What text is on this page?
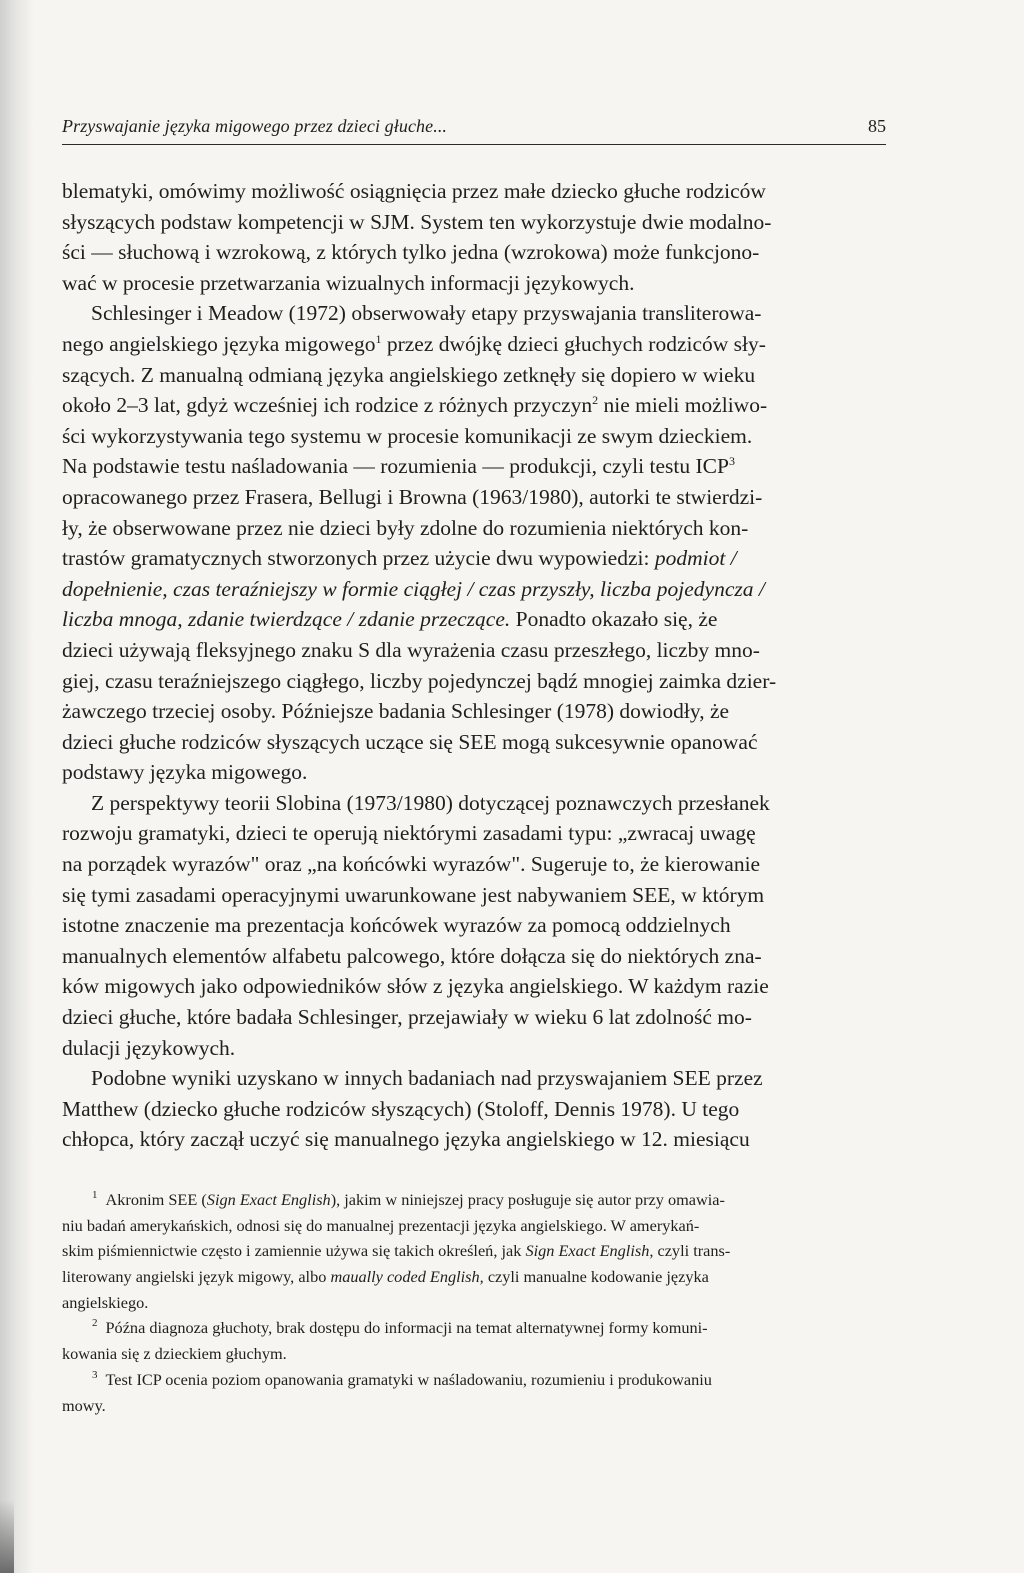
Przyswajanie języka migowego przez dzieci głuche...	85
blematyki, omówimy możliwość osiągnięcia przez małe dziecko głuche rodziców
słyszących podstaw kompetencji w SJM. System ten wykorzystuje dwie modalno-
ści — słuchową i wzrokową, z których tylko jedna (wzrokowa) może funkcjono-
wać w procesie przetwarzania wizualnych informacji językowych.
Schlesinger i Meadow (1972) obserwowały etapy przyswajania transliterowa-
nego angielskiego języka migowego$^1$ przez dwójkę dzieci głuchych rodziców sły-
szących. Z manualną odmianą języka angielskiego zetknęły się dopiero w wieku
około 2–3 lat, gdyż wcześniej ich rodzice z różnych przyczyn$^2$ nie mieli możliwo-
ści wykorzystywania tego systemu w procesie komunikacji ze swym dzieckiem.
Na podstawie testu naśladowania — rozumienia — produkcji, czyli testu ICP$^3$
opracowanego przez Frasera, Bellugi i Browna (1963/1980), autorki te stwierdzi-
ły, że obserwowane przez nie dzieci były zdolne do rozumienia niektórych kon-
trastów gramatycznych stworzonych przez użycie dwu wypowiedzi: podmiot /
dopełnienie, czas teraźniejszy w formie ciągłej / czas przyszły, liczba pojedyncza /
liczba mnoga, zdanie twierdzące / zdanie przeczące. Ponadto okazało się, że
dzieci używają fleksyjnego znaku S dla wyrażenia czasu przeszłego, liczby mno-
giej, czasu teraźniejszego ciągłego, liczby pojedynczej bądź mnogiej zaimka dzier-
żawczego trzeciej osoby. Późniejsze badania Schlesinger (1978) dowiodły, że
dzieci głuche rodziców słyszących uczące się SEE mogą sukcesywnie opanować
podstawy języka migowego.
Z perspektywy teorii Slobina (1973/1980) dotyczącej poznawczych przesłanek
rozwoju gramatyki, dzieci te operują niektórymi zasadami typu: „zwracaj uwagę
na porządek wyrazów" oraz „na końcówki wyrazów". Sugeruje to, że kierowanie
się tymi zasadami operacyjnymi uwarunkowane jest nabywaniem SEE, w którym
istotne znaczenie ma prezentacja końcówek wyrazów za pomocą oddzielnych
manualnych elementów alfabetu palcowego, które dołącza się do niektórych zna-
ków migowych jako odpowiedników słów z języka angielskiego. W każdym razie
dzieci głuche, które badała Schlesinger, przejawiały w wieku 6 lat zdolność mo-
dulacji językowych.
Podobne wyniki uzyskano w innych badaniach nad przyswajaniem SEE przez
Matthew (dziecko głuche rodziców słyszących) (Stoloff, Dennis 1978). U tego
chłopca, który zaczął uczyć się manualnego języka angielskiego w 12. miesiącu
1 Akronim SEE (Sign Exact English), jakim w niniejszej pracy posługuje się autor przy omawia-
niu badań amerykańskich, odnosi się do manualnej prezentacji języka angielskiego. W amerykań-
skim piśmiennictwie często i zamiennie używa się takich określeń, jak Sign Exact English, czyli trans-
literowany angielski język migowy, albo maually coded English, czyli manualne kodowanie języka
angielskiego.
2 Późna diagnoza głuchoty, brak dostępu do informacji na temat alternatywnej formy komuni-
kowania się z dzieckiem głuchym.
3 Test ICP ocenia poziom opanowania gramatyki w naśladowaniu, rozumieniu i produkowaniu
mowy.
